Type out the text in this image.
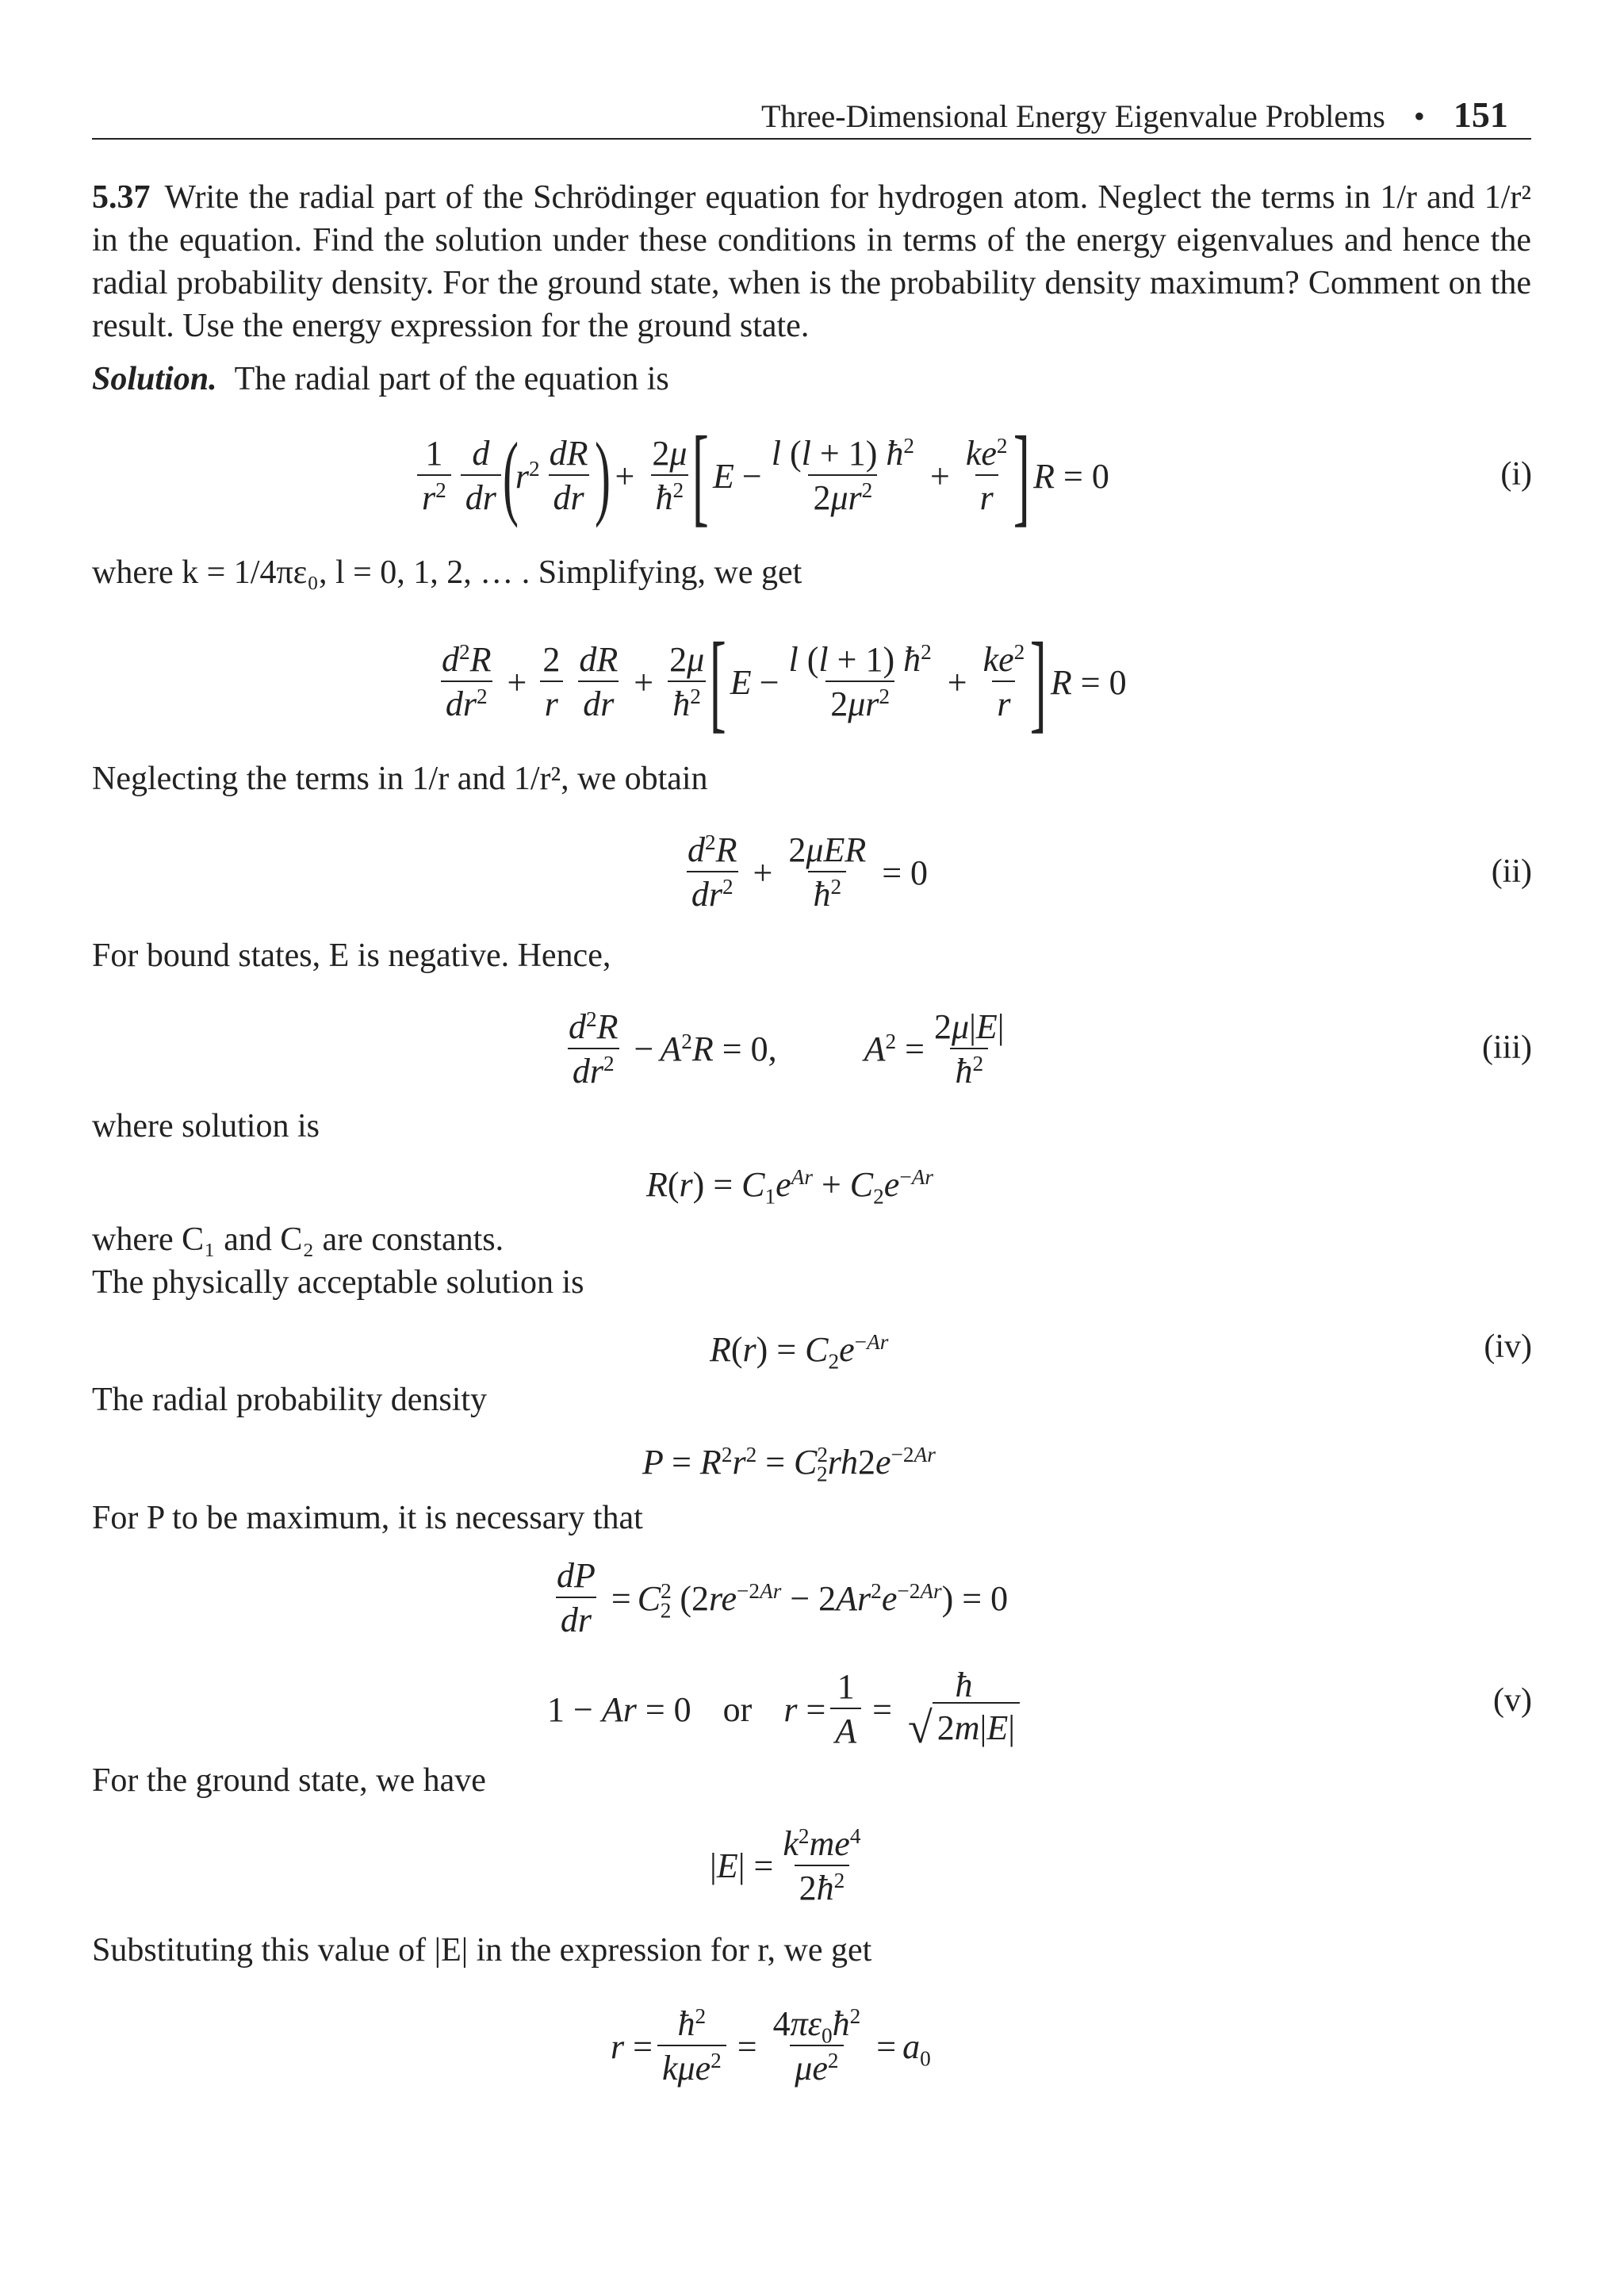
Three-Dimensional Energy Eigenvalue Problems • 151
5.37 Write the radial part of the Schrödinger equation for hydrogen atom. Neglect the terms in 1/r and 1/r² in the equation. Find the solution under these conditions in terms of the energy eigenvalues and hence the radial probability density. For the ground state, when is the probability density maximum? Comment on the result. Use the energy expression for the ground state.
Solution. The radial part of the equation is
$\frac{1}{r^2} \frac{d}{dr}$ (
$r^2 \frac{dR}{dr}$ ) + $\frac{2\mu}{ħ^2}$ [ $E - \frac{l (l + 1) ħ^2}{2\mu r^2} + \frac{ke^2}{r}$ ] R = 0	(i)
where k = 1/4πε₀, l = 0, 1, 2, … . Simplifying, we get
$\frac{d^2R}{dr^2} + \frac{2}{r} \frac{dR}{dr} + \frac{2\mu}{ħ^2}$ [ $E - \frac{l (l + 1) ħ^2}{2\mu r^2} + \frac{ke^2}{r}$ ] R = 0
Neglecting the terms in 1/r and 1/r², we obtain
$\frac{d^2R}{dr^2} + \frac{\text{2μER}}{ħ^2} = 0$	(ii)
For bound states, E is negative. Hence,
$\frac{d^2R}{dr^2} - A^2R = 0$,	$A^2 = \frac{2\mu|E|}{ħ^2}$	(iii)
where solution is
$R(r) = C_1e^{Ar} + C_2e^{-Ar}$
where C₁ and C₂ are constants.
The physically acceptable solution is
$R(r) = C_2e^{-Ar}$	(iv)
The radial probability density
$P = R^2r^2 = C^2_2rh2e^{-2Ar}$
For P to be maximum, it is necessary that
$\frac{dP}{dr} = C^2_2$ $(2re^{-2Ar} - 2Ar^2e^{-2Ar}) = 0$
1 − Ar = 0 or $r = \frac{1}{A}$ =
ħ
√ 2m|E|
(v)
For the ground state, we have
$|E| = \frac{k^2me^4}{2ħ^2}$
Substituting this value of |E| in the expression for r, we get
$r = \frac{ħ^2}{k\mu e^2} = \frac{4\pi\varepsilon_0ħ^2}{\mu e^2} = a_0$
